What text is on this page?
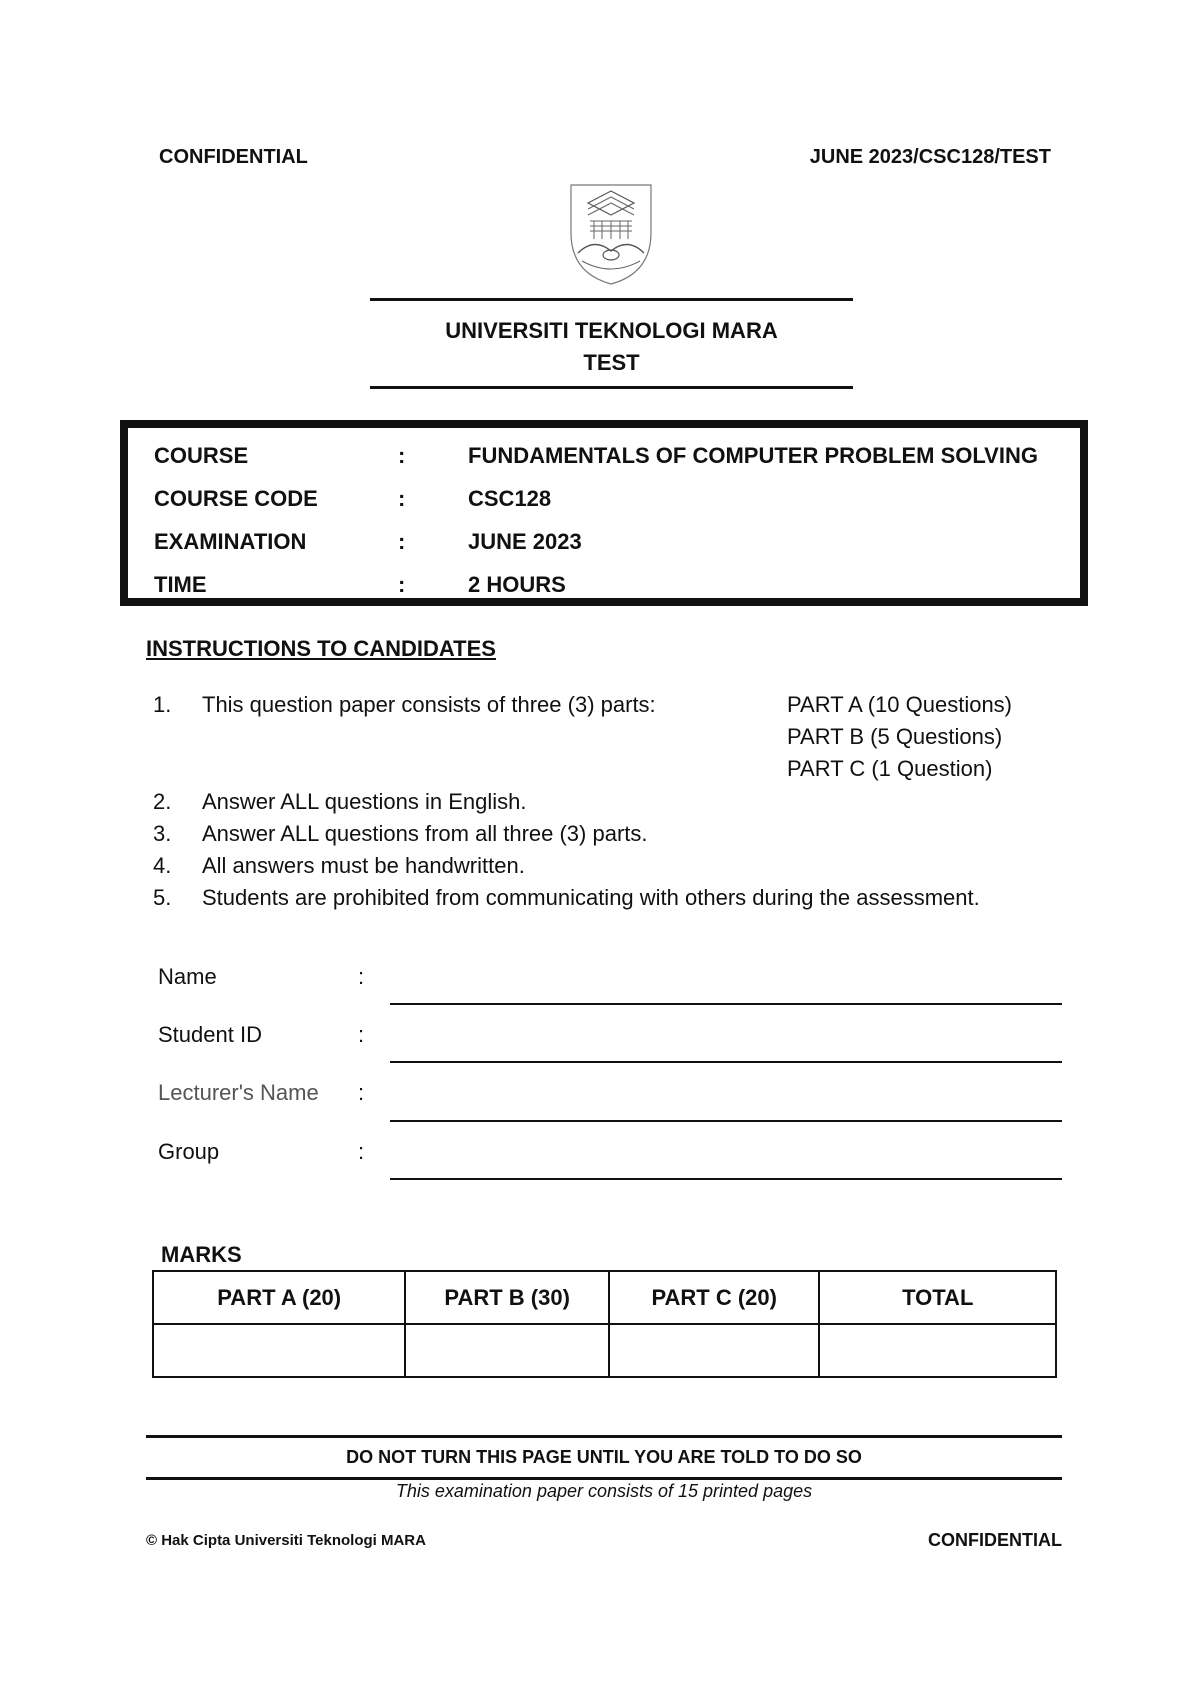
CONFIDENTIAL	JUNE 2023/CSC128/TEST
UNIVERSITI TEKNOLOGI MARA
TEST
COURSE	:	FUNDAMENTALS OF COMPUTER PROBLEM SOLVING
COURSE CODE	:	CSC128
EXAMINATION	:	JUNE 2023
TIME	:	2 HOURS
INSTRUCTIONS TO CANDIDATES
1. This question paper consists of three (3) parts:	PART A (10 Questions)
PART B (5 Questions)
PART C (1 Question)
2. Answer ALL questions in English.
3. Answer ALL questions from all three (3) parts.
4. All answers must be handwritten.
5. Students are prohibited from communicating with others during the assessment.
Name	:
Student ID	:
Lecturer's Name :
Group	:
MARKS
PART A (20)	PART B (30)	PART C (20)	TOTAL

DO NOT TURN THIS PAGE UNTIL YOU ARE TOLD TO DO SO
This examination paper consists of 15 printed pages
© Hak Cipta Universiti Teknologi MARA	CONFIDENTIAL
